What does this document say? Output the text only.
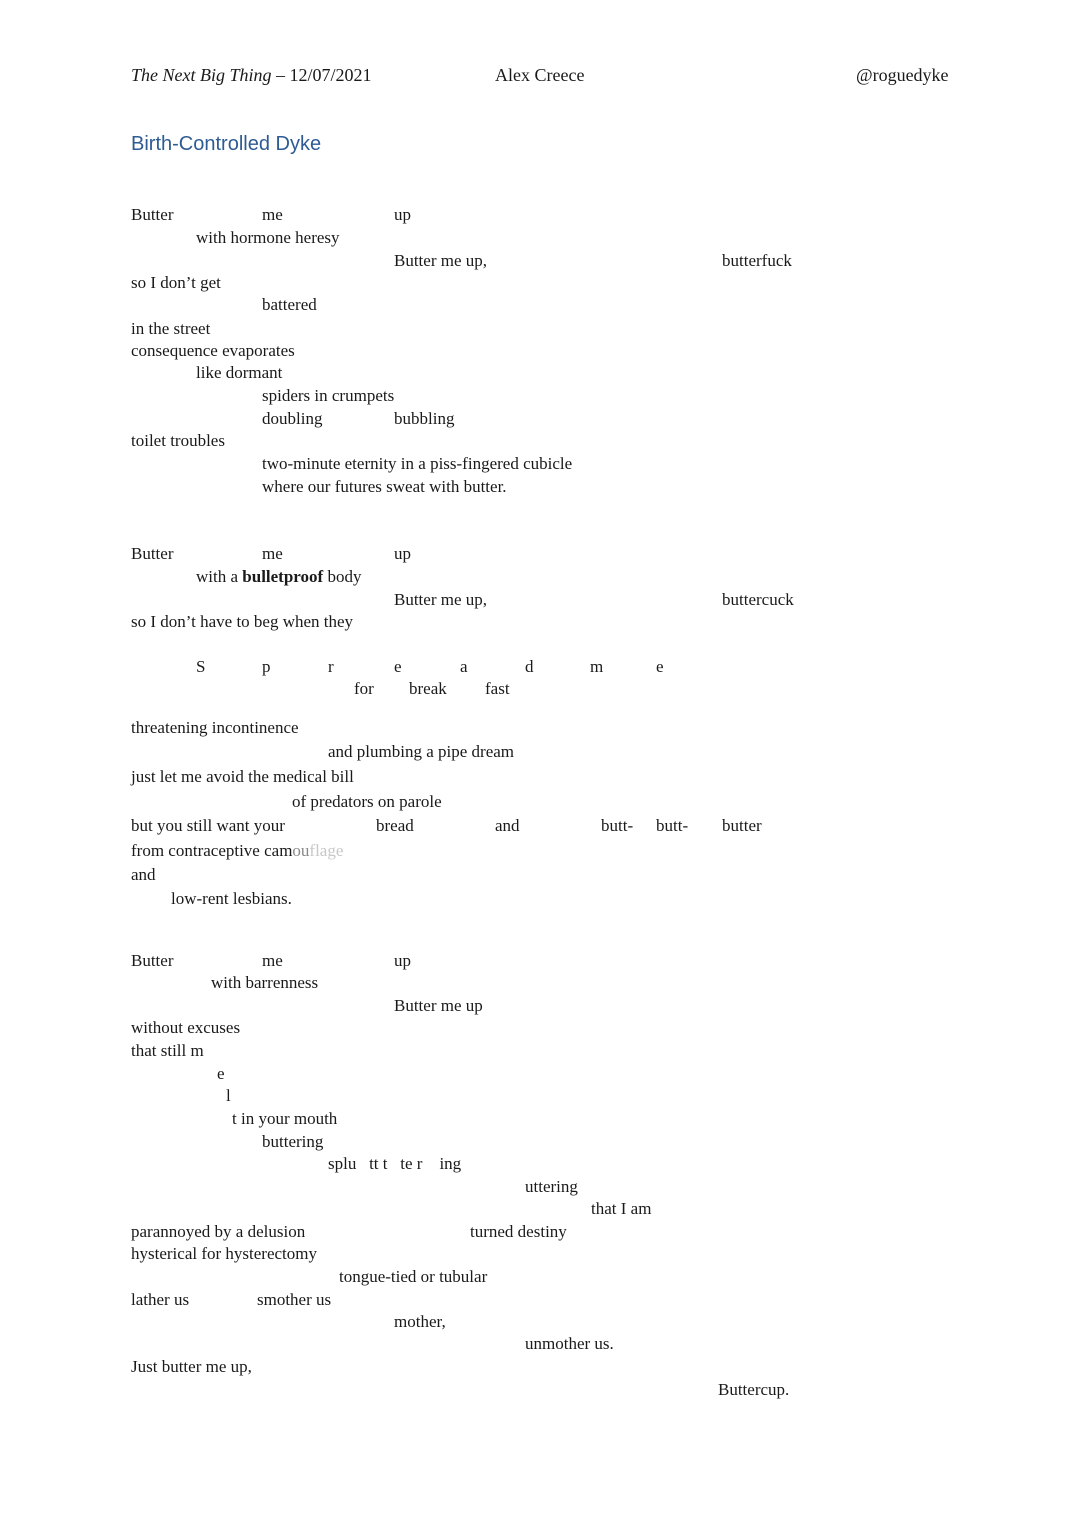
The Next Big Thing – 12/07/2021	Alex Creece	@roguedyke
Birth-Controlled Dyke
Butter	me	up
with hormone heresy
Butter me up,	butterfuck
so I don’t get
battered
in the street
consequence evaporates
like dormant
spiders in crumpets
doubling	bubbling
toilet troubles
two-minute eternity in a piss-fingered cubicle
where our futures sweat with butter.
Butter	me	up
with a bulletproof body
Butter me up,	buttercuck
so I don’t have to beg when they
S	p	r	e	a	d	m	e
for break fast
threatening incontinence
and plumbing a pipe dream
just let me avoid the medical bill
of predators on parole
but you still want your	bread	and	butt- butt- butter
from contraceptive camouflage
and
low-rent lesbians.
Butter	me	up
with barrenness
Butter me up
without excuses
that still m
e
l
t in your mouth
buttering
splu   tt t   te r    ing
uttering
that I am
parannoyed by a delusion	turned destiny
hysterical for hysterectomy
tongue-tied or tubular
lather us	smother us
mother,
unmother us.
Just butter me up,
Buttercup.
